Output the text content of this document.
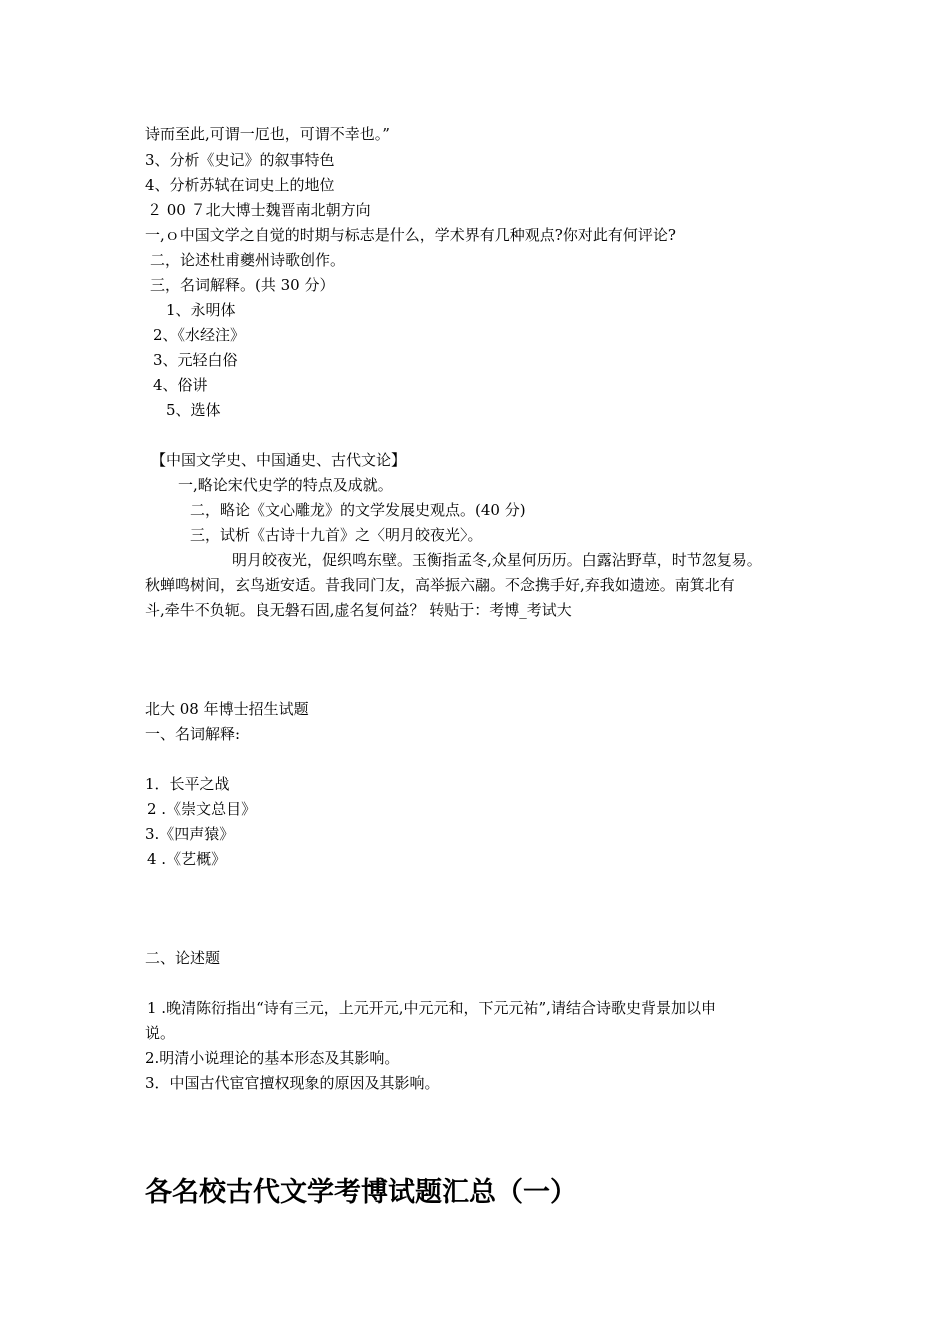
诗而至此,可谓一厄也，可谓不幸也。”
3、分析《史记》的叙事特色
4、分析苏轼在词史上的地位
２ 00 ７北大博士魏晋南北朝方向
一,ｏ中国文学之自觉的时期与标志是什么，学术界有几种观点?你对此有何评论?
二，论述杜甫夔州诗歌创作。
三，名词解释。(共 30 分）
1、永明体
2、《水经注》
3、元轻白俗
4、俗讲
5、选体
【中国文学史、中国通史、古代文论】
一,略论宋代史学的特点及成就。
二，略论《文心雕龙》的文学发展史观点。(40 分)
三，试析《古诗十九首》之〈明月皎夜光〉。
明月皎夜光，促织鸣东壁。玉衡指孟冬,众星何历历。白露沾野草，时节忽复易。
秋蝉鸣树间，玄鸟逝安适。昔我同门友，高举振六翮。不念携手好,弃我如遗迹。南箕北有
斗,牵牛不负轭。良无磐石固,虚名复何益？ 转贴于：考博_考试大
北大 08 年博士招生试题
一、名词解释:
1．长平之战
2 .《崇文总目》
3.《四声猿》
4 .《艺概》
二、论述题
1 .晚清陈衍指出“诗有三元，上元开元,中元元和，下元元祐”,请结合诗歌史背景加以申
说。
2.明清小说理论的基本形态及其影响。
3．中国古代宦官擅权现象的原因及其影响。
各名校古代文学考博试题汇总（一）
